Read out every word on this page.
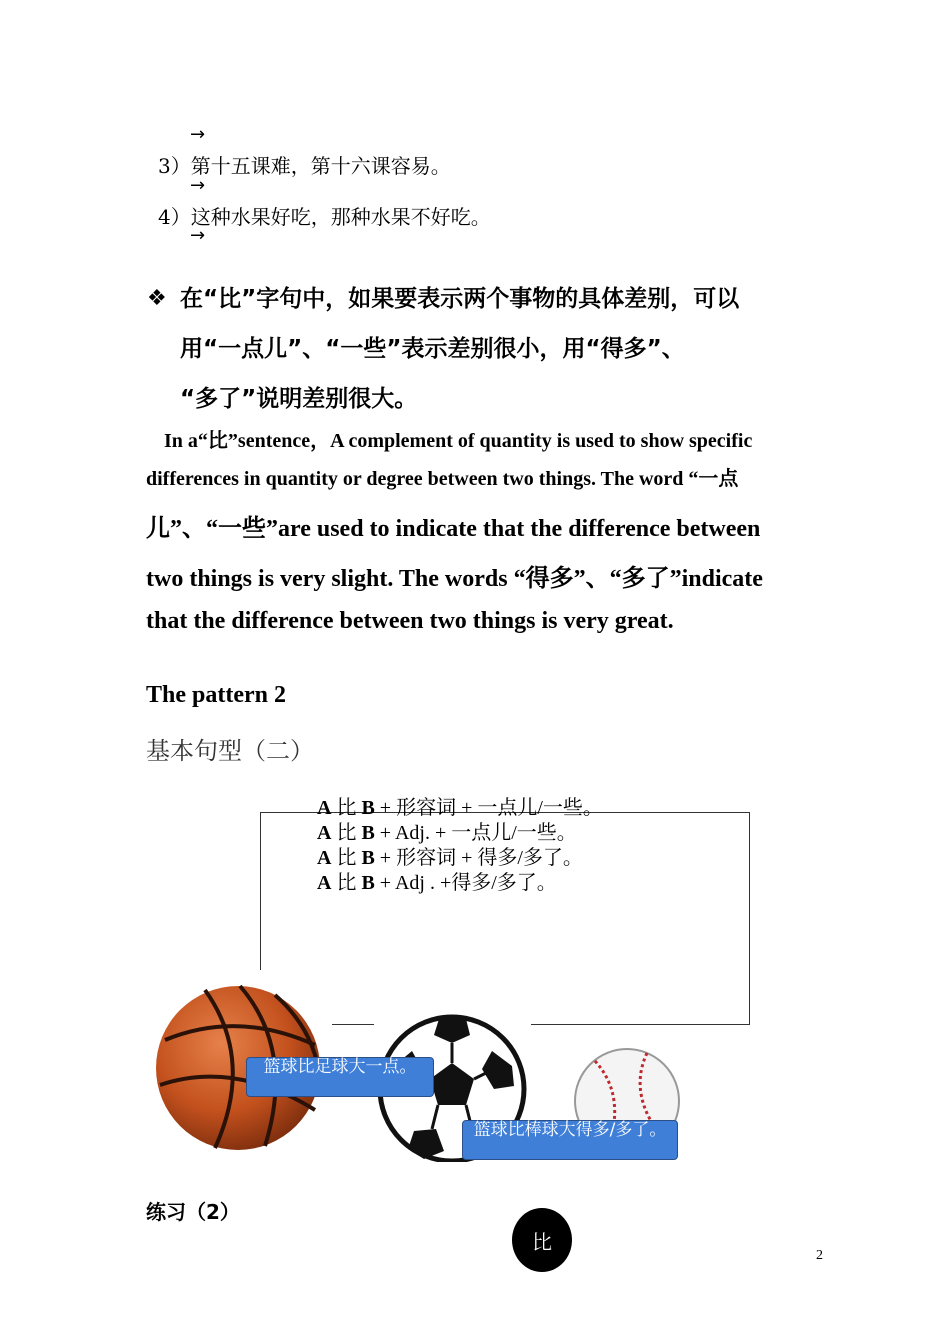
→
3）第十五课难，第十六课容易。
→
4）这种水果好吃，那种水果不好吃。
→
❖ 在“比”字句中，如果要表示两个事物的具体差别，可以
用“一点儿”、“一些”表示差别很小，用“得多”、
“多了”说明差别很大。
In a“比”sentence，A complement of quantity is used to show specific
differences in quantity or degree between two things. The word “一点
儿”、“一些”are used to indicate that the difference between
two things is very slight. The words “得多”、“多了”indicate
that the difference between two things is very great.
The pattern 2
基本句型（二）
A 比 B + 形容词 + 一点儿/一些。
A 比 B + Adj. + 一点儿/一些。
A 比 B + 形容词 + 得多/多了。
A 比 B + Adj . +得多/多了。
篮球比足球大一点。
篮球比棒球大得多/多了。
练习（2）
比
2
